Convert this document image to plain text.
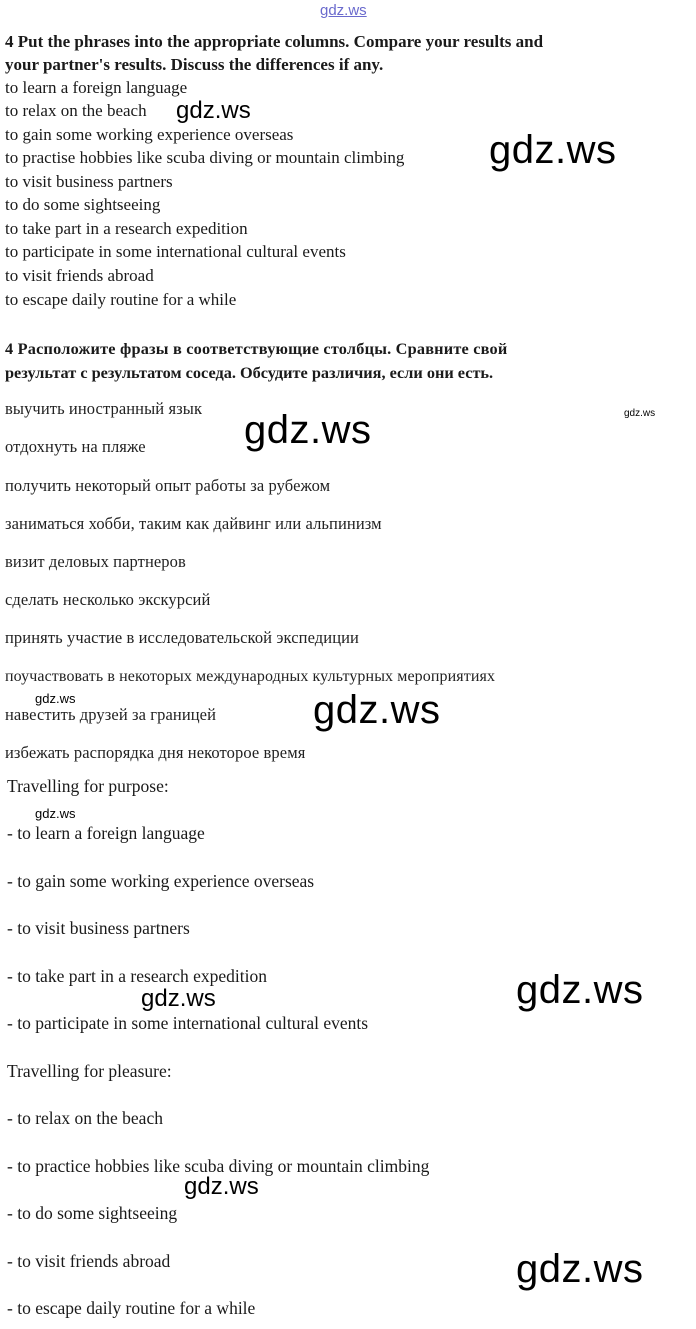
gdz.ws
4 Put the phrases into the appropriate columns. Compare your results and
your partner's results. Discuss the differences if any.
to learn a foreign language
to relax on the beach
to gain some working experience overseas
to practise hobbies like scuba diving or mountain climbing
to visit business partners
to do some sightseeing
to take part in a research expedition
to participate in some international cultural events
to visit friends abroad
to escape daily routine for a while
4 Расположите фразы в соответствующие столбцы. Сравните свой
результат с результатом соседа. Обсудите различия, если они есть.
выучить иностранный язык
отдохнуть на пляже
получить некоторый опыт работы за рубежом
заниматься хобби, таким как дайвинг или альпинизм
визит деловых партнеров
сделать несколько экскурсий
принять участие в исследовательской экспедиции
поучаствовать в некоторых международных культурных мероприятиях
навестить друзей за границей
избежать распорядка дня некоторое время
Travelling for purpose:
- to learn a foreign language
- to gain some working experience overseas
- to visit business partners
- to take part in a research expedition
- to participate in some international cultural events
Travelling for pleasure:
- to relax on the beach
- to practice hobbies like scuba diving or mountain climbing
- to do some sightseeing
- to visit friends abroad
- to escape daily routine for a while
gdz.ws
gdz.ws
gdz.ws
gdz.ws
gdz.ws	gdz.ws
gdz.ws
gdz.ws
gdz.ws
gdz.ws
gdz.ws
